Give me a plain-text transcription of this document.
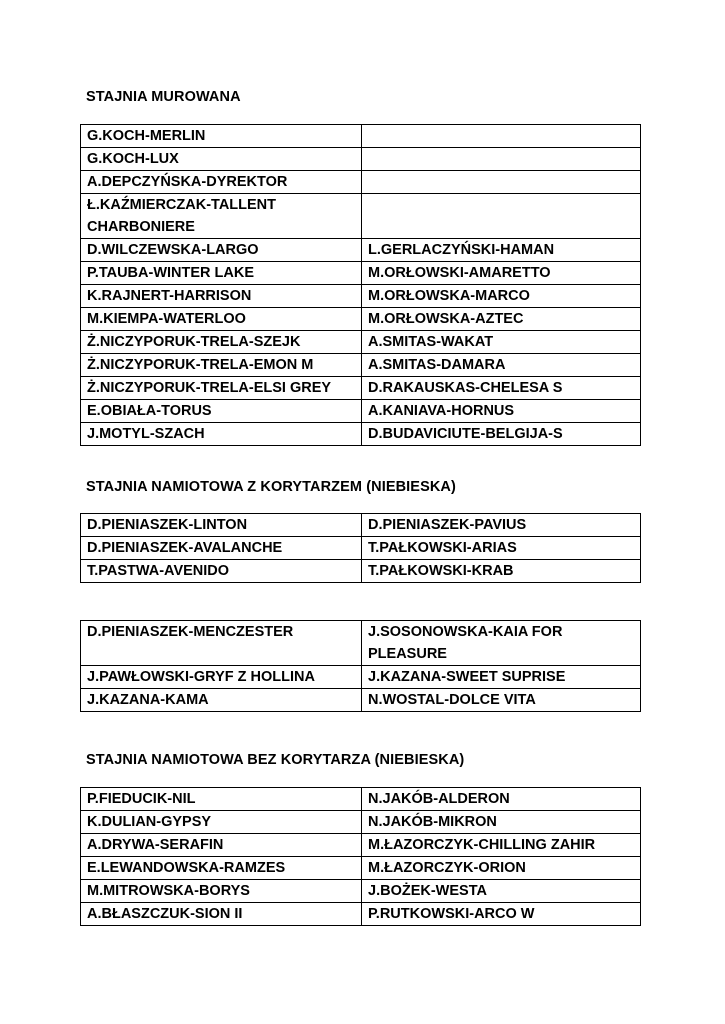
STAJNIA MUROWANA
G.KOCH-MERLIN	
G.KOCH-LUX	
A.DEPCZYŃSKA-DYREKTOR	
Ł.KAŹMIERCZAK-TALLENT CHARBONIERE	
D.WILCZEWSKA-LARGO	L.GERLACZYŃSKI-HAMAN
P.TAUBA-WINTER LAKE	M.ORŁOWSKI-AMARETTO
K.RAJNERT-HARRISON	M.ORŁOWSKA-MARCO
M.KIEMPA-WATERLOO	M.ORŁOWSKA-AZTEC
Ż.NICZYPORUK-TRELA-SZEJK	A.SMITAS-WAKAT
Ż.NICZYPORUK-TRELA-EMON M	A.SMITAS-DAMARA
Ż.NICZYPORUK-TRELA-ELSI GREY	D.RAKAUSKAS-CHELESA S
E.OBIAŁA-TORUS	A.KANIAVA-HORNUS
J.MOTYL-SZACH	D.BUDAVICIUTE-BELGIJA-S
STAJNIA NAMIOTOWA Z KORYTARZEM (NIEBIESKA)
D.PIENIASZEK-LINTON	D.PIENIASZEK-PAVIUS
D.PIENIASZEK-AVALANCHE	T.PAŁKOWSKI-ARIAS
T.PASTWA-AVENIDO	T.PAŁKOWSKI-KRAB
D.PIENIASZEK-MENCZESTER	J.SOSONOWSKA-KAIA FOR PLEASURE
J.PAWŁOWSKI-GRYF Z HOLLINA	J.KAZANA-SWEET SUPRISE
J.KAZANA-KAMA	N.WOSTAL-DOLCE VITA
STAJNIA NAMIOTOWA BEZ KORYTARZA (NIEBIESKA)
P.FIEDUCIK-NIL	N.JAKÓB-ALDERON
K.DULIAN-GYPSY	N.JAKÓB-MIKRON
A.DRYWA-SERAFIN	M.ŁAZORCZYK-CHILLING ZAHIR
E.LEWANDOWSKA-RAMZES	M.ŁAZORCZYK-ORION
M.MITROWSKA-BORYS	J.BOŻEK-WESTA
A.BŁASZCZUK-SION II	P.RUTKOWSKI-ARCO W
